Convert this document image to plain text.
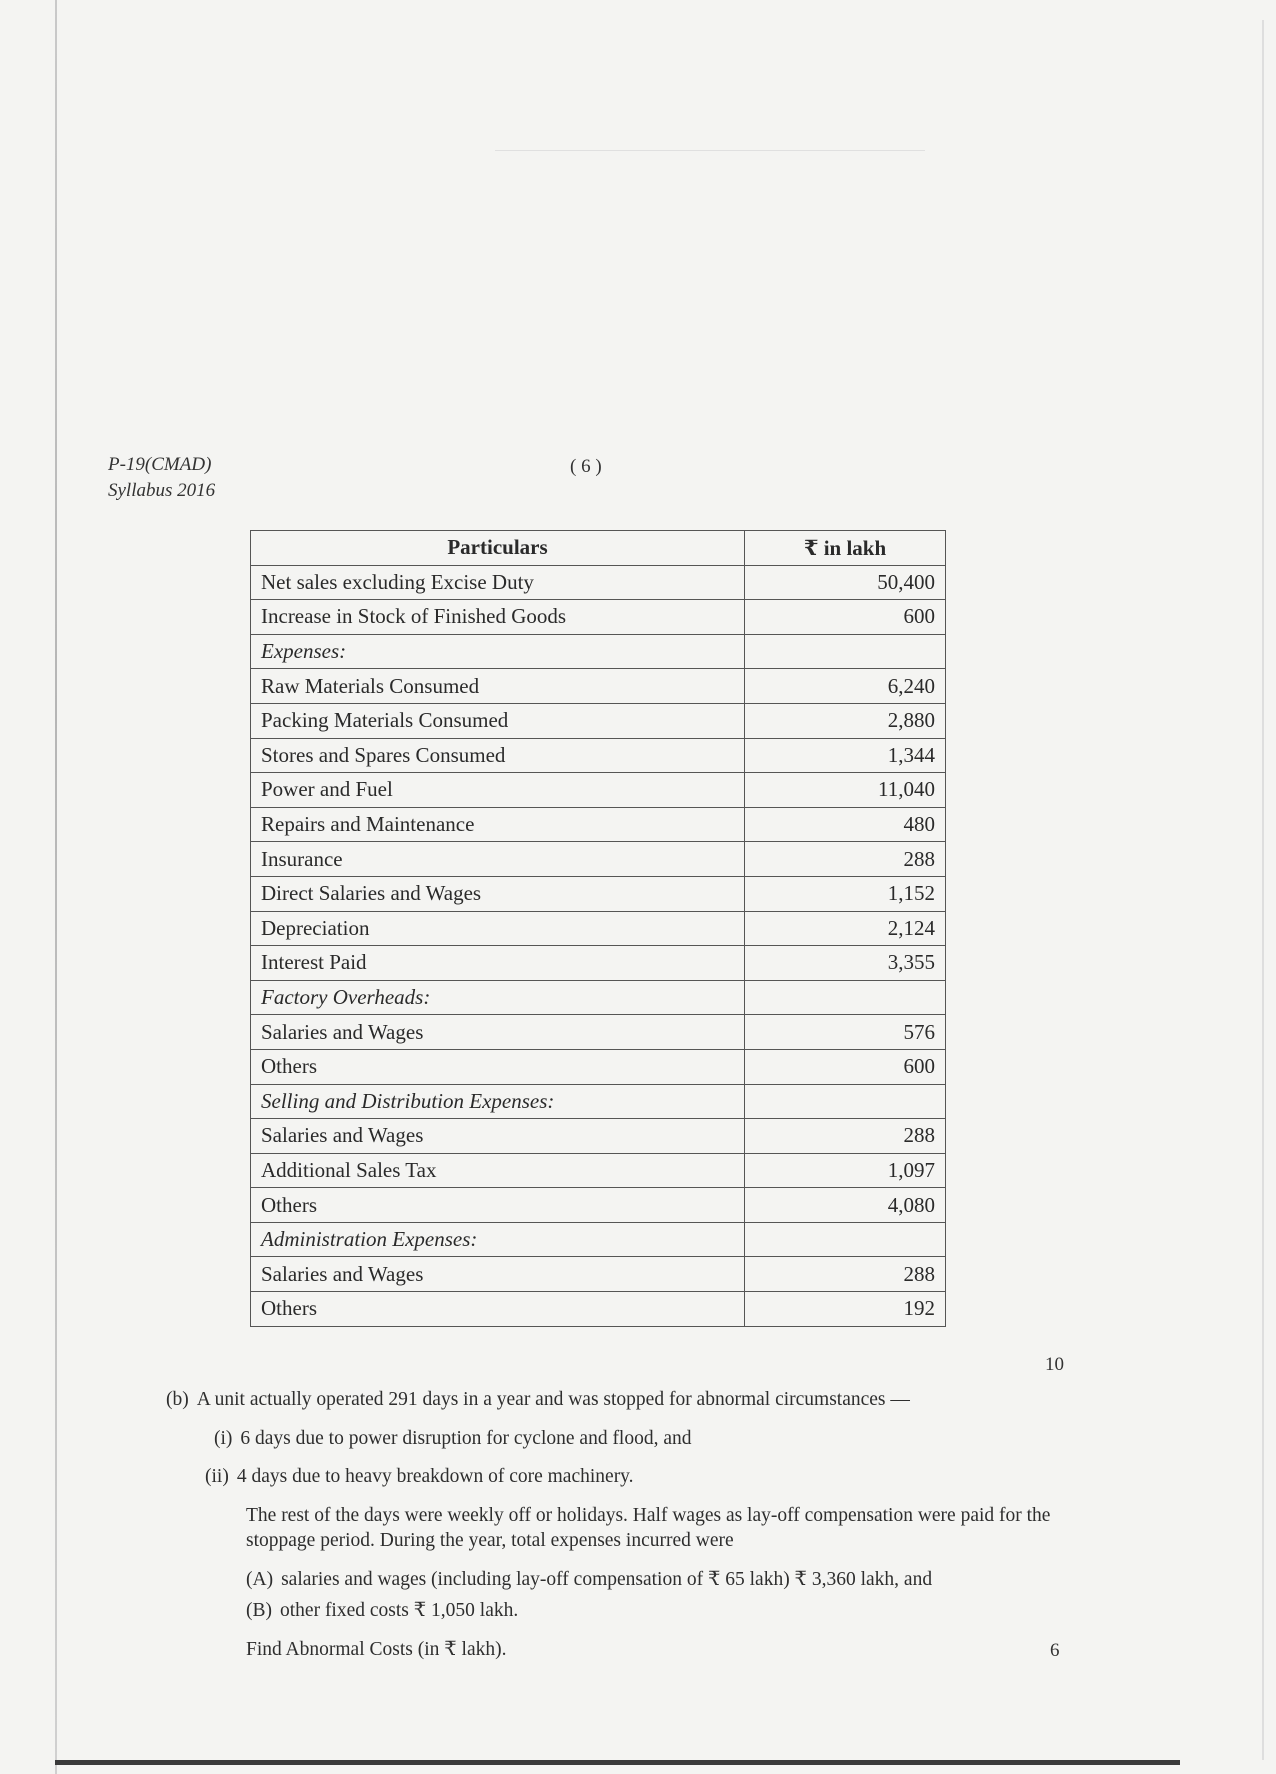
P-19(CMAD)
Syllabus 2016
( 6 )
Particulars	₹ in lakh
Net sales excluding Excise Duty	50,400
Increase in Stock of Finished Goods	600
Expenses:	
Raw Materials Consumed	6,240
Packing Materials Consumed	2,880
Stores and Spares Consumed	1,344
Power and Fuel	11,040
Repairs and Maintenance	480
Insurance	288
Direct Salaries and Wages	1,152
Depreciation	2,124
Interest Paid	3,355
Factory Overheads:	
Salaries and Wages	576
Others	600
Selling and Distribution Expenses:	
Salaries and Wages	288
Additional Sales Tax	1,097
Others	4,080
Administration Expenses:	
Salaries and Wages	288
Others	192
10
(b) A unit actually operated 291 days in a year and was stopped for abnormal circumstances —
(i) 6 days due to power disruption for cyclone and flood, and
(ii) 4 days due to heavy breakdown of core machinery.
The rest of the days were weekly off or holidays. Half wages as lay-off compensation were paid for the stoppage period. During the year, total expenses incurred were
(A) salaries and wages (including lay-off compensation of ₹ 65 lakh) ₹ 3,360 lakh, and
(B) other fixed costs ₹ 1,050 lakh.
Find Abnormal Costs (in ₹ lakh).	6
